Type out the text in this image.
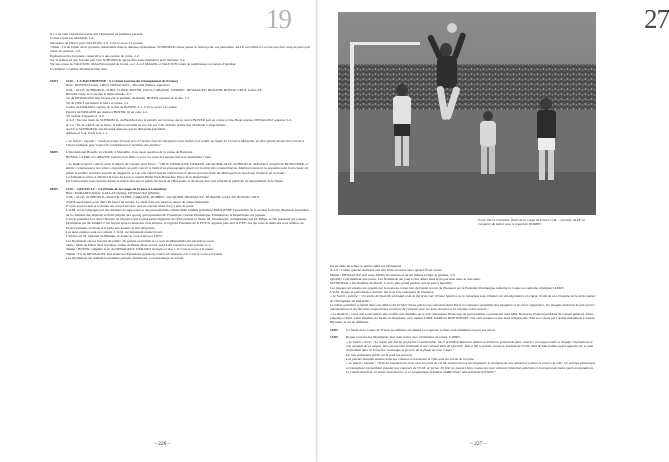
19

Il y a un vent violent favorable aux Olympiens en première période.

Corner repris par MAGER, 1-0.

Ouverture de CRUT pour VALETON. 2-0. C'est le score à la pause.

73ème : Tir de l'ailier droit lyonnais, mésentente dans la défense olympienne, SCHNOECK laisse passer le ballon pour son partenaire, ALLÉ est tombé et ce n'est que d'un coup de pied qu'il sauve de justesse. 1-2.

Égalisation des Lyonnais consécutive à une reprise de volée. 2-2.

Sur la remise en jeu, la balle part vers SCHNOECK qui profite d'une hésitation pour marquer. 3-2.

Sur une passe de VALETON, MAGER reprend de la tête. 4-2. À 2-3 MAGER et VALETON ratent de nombreuses occasions d'égaliser.

La défense a comme d'habitude bien tenu.

03/03 O.M. – LA BASTIDIENNE : 5-2 (2ème journée du Championnat de France)

Buts : BOYER (9 buts), CRUT, DEWAGUEZ – Brouillé (9ème), Apparicci

O.M. : ALLÉ, SCHNOECK, WIRZ, CLÉRE, BOYER, CRUT, CABASSU, DURBEC, DEWAGUEZ, DURAND, BOYER, CRUT, GALLAY

Brouillé ouvre le score dès la 9ème minute. 0-1.

Tir de DEWAGUEZ mal bloqué par le gardien, chandelle, BOYER reprend de la tête. 1-1.

Tir de CRUT qui heurte la barre et rentre. 2-1.

Centre de DURAND, reprise de la tête de BOYER. 3-1. C'est le score à la pause.

Penalty de DURAND qui donne à BOYER, tir en coin. 4-1.

Tir violent d'Apparicci. 4-2.

À 4-2 : Sur une main de SCHNOECK, un Bastidien tire le penalty sur la barre, sur le renvoi BOYER part en contre et tire. Beau reprise, DEWAGUEZ reprend. 5-2.

À 5-2 : Tir de CRUT sur la barre, le ballon rebondit au sol, lob sur 7 M. Votrano donne une chandelle à vingt mètres.

ALLÉ et SCHNOECK ont été aussi mauvais que le dimanche précédent.

Amiens et C.A. Paris font 1-1.

« Le Soleil » signale : "Jeudi prochain (5 mai) vers 17 heures tous les Olympiens sont invités à se rendre au Stade Le Cornet à Marseille, un film sportif devant être tourné à l'heure indiquée pour lequel ils constitueront le meilleur des publics."

06/05 L'international Bonello va s'établir à Marseille. Il est aussi question de la venue de Batteaux.

BOYER, CLÉRE et CABASSU partent pour Paris ce jour. Le reste de l'équipe suivra le lendemain 7 mai.

« Le Radical Sport » décrit ainsi le départ de l'équipe pour Paris : "CRUT, DEWAGUEZ, DURAND, JACQUIER, ALLÉ, SCHNOECK, MAGER et Joseph DE BUYSSCHER, ce dernier remplaçant à leur place, organisent un petit concert à l'aide d'un phonographe placé sur la table des compartiments. Malheureusement la population du train classe est gênée et préfère la bonne marche de l'appareil, et l'on voit CRUT inquiet à plein bras le phono qui interprète du Mistinguett au bas d'une chatterie de la mode."

La délégation arrive à 22h30 à la Gare de Lyon et rejoint l'hôtel Paris-Bruxelles, Place de la République.

Un fond-parleur nous installe durant le match afin que le public du Stade de l'Huveaune et du Vieux-Port soit informé la publicité du déroulement de la finale.

08/05 O.M. – QUEVILLY : 3-0 (Finale de la Coupe de France à Colombes)

Buts : DURAND (3ème), GALLAY (6ème), DEWAGUEZ (65ème)

O.M. : ALLÉ, SCHNOECK, MAGER, CLÉRE, CABASSU, DURBEC, JACQUIER, DEWAGUEZ, DURAND, GALLAY, BOYER, CRUT

23.858 spectateurs pour 196.148 francs de recette. Le stade n'est pas plein en raison du temps maussade.

Il a plu toute la nuit et le matin. Au coup d'envoi le ciel est couvert mais il n'y a plus de pluie.

L'O.M. est accompagné par des dizaines de supporters et des personnalités comme MM. DARD (président BOUTONNET (président de la section football), Bouisson (président de la chambre des députés) et Petit (adjoint aux sports) qui représente M. Flaissières. Gaston Doumergue, Président de la République, est présent.

C'est la première fois dans l'histoire de l'épreuve que la plus haute dignitaire de l'État préside la finale. M. Doumergue, complimenté par M. Rimet, se fait présenter les joueurs Olympiens par M. DARD. C'est lui qui serre la main des trois arbitres, il s'agit du Président de la F.F.F.A. appelée plus tard la F.F.F., lui qui serre la main des trois arbitres de France présents au Stade et il parle aux joueurs et aux dirigeants.

Les deux équipes sont au complet. L'O.M. est largement donné favori.

L'arbitre est M. Quinard de Béthune. Il donne le coup d'envoi à 14h57.

Les Normands ont les faveurs du public. Ils partent en trombe et ce sont les Marseillais qui ouvrent le score.

2ème : Mais de Patrel dans le ballon, l'ailier de Bahia dévie au but, GALLAY reprend à bout portant. 0-1.

34ème : BOYER complète le tir du DEWAGUEZ, DURAND récupère et tire. 1-0. C'est le score à la pause.

70ème : Tir de DEWAGUEZ mal arrêté par Paldedoux (gardien), GALLAY reprend. 2-0. C'est le score à la pause.

Les Olympiens ont dominé la première période, Paldedoux, a eu davantage de travail.

– 226 –
27
8 mai 1927 à Colombes, finale de la Coupe de France O.M. – Quevilly. ALLÉ va s'emparer du ballon sous le regard de DURBEC.

En seconde mi-temps le public suffit les Olympiens.

À 2-0 : L'ailier gauche normand rate une belle occasion alors qu'ALLÉ est à terre.

86ème : DEWAGUEZ part seul, dribble les arrières et de six mètres trompe le gardien. 3-0.

Quevilly a été meilleur que prévu. Les Normands ont joué à vive allure mais n'ont pas tenu toute la rencontre.

SCHNOECK a été l'homme du match. C'est le plus grand gardien qui ait joué à Quevilly.

Les joueurs ont ensuite été appelés par le nouveau coupe tout de faisant le tour de l'honneur par le Président Doumergue remettre la Coupe au capitaine olympien CLÉRE.

L'O.M. épaule la performance du huit. Sur trois fois vainqueur de l'épreuve.

« Le Soleil » précise : "Le maire de Quevilly présidait et de la fierté de voir l'Union Sportive en le remarqua sous tribunes sur des dignitaires en chœur l'éclat de son triomphe de la belle équipe de l'Olympique de Marseille."

Le même quotidien a répété dans son édition du 10 Mai "Deux autres ont commenté dans Paris la commune sympathie des équipiers et les leurs supporters. On imagine aisément la joie qui les manifestèrent et les Parisiens respectèrent comment de l'entente avec les leurs durant un tel résultat si fort acquis."

« Le Radical » verse une souscription afin d'offrir une médaille en or aux vainqueurs. Beaucoup de personnalités y participent dont MM. Bouisson, Paquet (président de conseil général), Tasso (député) et Petit. Cette médaille de forme rectangulaire, sera remise à MM. DARD et BOUTONNET, aux onze joueurs et aux deux remplaçants. Elle est conçue par l'artiste marseillais Lerpaux. Bijoutier, et est en diffusion.

10/05 La finale de la Coupe de France est diffusée au cinéma Le Capitole, le film a été acheminé en jour par avion.

13/05 Retour en train des Olympiens, leur train arrive avec 23 minutes de retard, à 18h05.

« Le Soleil » écrit : "Le retour (de Paris) fut joyeux et mémorable. M. le président Bouisson atteint sa Présence prenant de faire réserver un wagon entier à l'équipe Olympienne et l'on campait de ce wagon, bien jouant bien d'intimité et ses compatriotes de Quevilly. Tout à fait le public, contre le football de l'O.M. Tant de Marseillais ayant apporté sur le quai du football dans la Provence, hommage la ferveur de la finale de leur Coupe."

Un très nombreux public est là pour les recevoir.

Les joueurs montent ensuite dans des voitures et traversent la ville sous les vivats de la foule.

« Le Soleil » signale : "Tous les membres du club, tous les amis de l'O.M. avaient tenu à accompagner le triomphe de nos valeureux joueurs à travers la ville. Un cortège pittoresque et triomphant s'assemblait pavoisé aux couleurs de l'O.M. ne forme. En fête les joueurs bien connus du cœur attirant l'attention générale et recevaient de toutes parts acclamations. Le comité directeur en entier était tourner et le sympathique président DARD était chaleureusement félicité."

– 227 –
